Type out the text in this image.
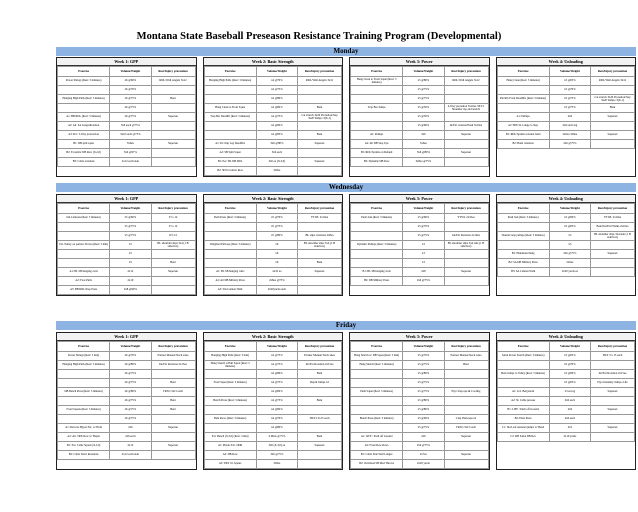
Montana State Baseball Preseason Resistance Training Program (Developmental)
Monday
Week 1: GPP
Exercise	Volume/Weight	Rest/Injury prevention
Power Shrugs (Rest: 3 minutes)	x6 @60%	RDL/Wall Angels 3x12
	x6 @70%	
Hanging High Pulls (Rest: 3 minutes)	x6 @75%	Bent
	x6 @75%	
A1: BB RDL (Rest: 3 minutes)	x6 @75%	Superset
A2: Alt. SA Lungs/Rotation	3x6 each @75%	
A3: Pec: 3-Way protraction	3x10 each @75%	
B1: DB split squat	3x6ea	Superset
B2: Eccentric DB Row (X,2,0)	3x6 @67%	
B3: Cable rotations	2x12 each side	
Week 2: Basic Strength
Exercise	Volume/Weight	Rest/Injury prevention
Hanging High Pulls (Rest: 3 minutes)	x4 @70%	RDL/Wall Angels 3x12
	x4 @75%	
	x4 @80%	
Hang Clean to Front Squat	x4 @82%	Bent
Trap Bar Deadlift (Rest: 3 minutes)	x4 @75%	Lat stretch 3x20 Pronation/Sup 3x20 Tempo 3(X,1)
	x4 @82%	
	x4 @85%	Bent
A1: Pa Chip Leg Deadlifts	3x6 @80%	Superset
A2: SB Split Squat	3x6 each	
B1: Pec: BL DB RDL	3x6 ea (X,3,0)	Superset
B2: 3Pt Eccentric Row	3x8ea	
Week 3: Power
Exercise	Volume/Weight	Rest/Injury prevention
Hang Clean to Front Squat (Rest: 3 minutes)	x3 @80%	RDL/Wall Angels 3x12
	x3 @75%	
	x3 @75%	
Trap Bar Jumps	x3 @50%	4-Way pronation 3x10ea 3X3:1 Shoulder rap and stretch
	x3 @50%	
	x3 @60%	In/Ext rotation/Push 3x10ea
A1: Pullups	3x6	Superset
A2: Alt DB Step Ups	3x6ea	
B1: RDL/Sprints on Default	3x6 @80%	Superset
B2: Dynamic DB Row	3x8ea @75%	
Week 4: Unloading
Exercise	Volume/Weight	Rest/Injury prevention
Hang Clean (Rest: 3 minutes)	x3 @65%	RDL/Wall Angels 3x12
	x3 @70%	
Pin Rib Front Deadlifts (Rest: 3 minutes)	x3 @75%	Lat stretch 3x20 Pronation/Sup 3x20 Tempo 3(X,1)
	x3 @75%	Bent
A1: Pullups	2x6	Superset
A2 TRX SL Lunge to Step	2x6 each leg	
B1: RDL/Sprints rotation band	2x6ea 3x8ea	Superset
B2: Band rotations	2x6 @75%	
Wednesday
Week 1: GPP
Exercise	Volume/Weight	Rest/Injury prevention
DA Cannons (Rest: 3 minutes)	x5 @60%	Y to 12
	x5 @75%	Y to 12
	x5 @75%	W's 12
Ext. Palloy on partner 3x12ea (Rest: 3 min)	x5	BL shoulder slips 3x4 (1 B side/box)
	x5	
	x5	Bent
A1: BL SB hanging curls	2x12	Superset
A2: Face Pulls	2x10	
A3: BB RDL/Step Press	2x8 @60%	
Week 2: Basic Strength
Exercise	Volume/Weight	Rest/Injury prevention
Push Press (Rest: 3 minutes)	x5 @70%	YTWL 2x10ea
	x5 @75%	
	x5 @80%	BL slips rotations 2x8ea
Weighted Pull-ups (Rest: 3 minutes)	x6	BL shoulder slips 3x4 (1 B side/box)
	x6	
	x6	Bent
A1: BL SB hanging curls	2x10 ea	Superset
A2: Alt DB Military Press	2x8ea @75%	
A3: DA Cannon Walk	2x20yards each	
Week 3: Power
Exercise	Volume/Weight	Rest/Injury prevention
Push Jerk (Rest: 3 minutes)	x3 @60%	YTWL 2x10ea
	x3 @70%	
	x3 @75%	Int/Ext Rotation 2x10ea
Dynamic Pullups (Rest: 3 minutes)	x3	BL shoulder slips 3x4 side (1 B side/box)
	x3	
	x3	
B1: BL SB hanging curls	2x8	Superset
B2: DB Military Press	2x6 @75%	
Week 4: Unloading
Exercise	Volume/Weight	Rest/Injury prevention
Push Jerk (Rest: 3 minutes)	x3 @60%	YTWL 2x10ea
	x3 @65%	Band Int/Ext/Walks 2x10ea
Neutral Grip pullups (Rest: 3 minutes)	x3	BL shoulder slips 3x4 side (1 B side/box)
	x3	
B1: Handstand hang	2x6 @75%	Superset
B2: SA DB Military Press	2x6ea	
B3: SA Cannon Walk	2x20 yards ea	
Friday
Week 1: GPP
Exercise	Volume/Weight	Rest/Injury prevention
Power Shrugs (Rest: 3 min)	x6 @70%	Partner Manual Neck x4ea
Hanging High Pulls (Rest: 3 minutes)	x6 @80%	Int/Ext Rotation 2x15ea
	x6 @75%	
	x6 @75%	Bent
DB Bench Press (Rest: 3 minutes)	x6 @80%	TRX's 3x15 each
	x6 @75%	Bent
Front Squats (Rest: 3 minutes)	x6 @75%	Bent
	x6 @75%	
A1: Reverse Hyper Ext. w/ Hold	2x6	Superset
A2: Alt. TRX Row w/ Hoptn	2x6 each	
B1: Ext. Cable Squats (X,3,0)	2x12	Superset
B2: Cable Static Rotations	2x12 each side	
Week 2: Basic Strength
Exercise	Volume/Weight	Rest/Injury prevention
Hanging High Pulls (Rest: 3 min)	x4 @75%	Partner Manual Neck x4ea
Hang Snatch w/Pull Squat (Rest: 3 minutes)	x4 @75%	Int/Ext Rotation 2x15ea
	x4 @80%	Bent
Front Squat (Rest: 3 minutes)	x4 @75%	Depth Jumps x2
	x4 @82%	
Bench Press (Rest: 3 minutes)	x4 @75%	Bent
	x4 @82%	
Bent Rows (Rest: 3 minutes)	x4 @70%	TRX's 3x15 each
	x4 @80%	
Ext. Bench (X,3,0) (Rest: 3 min)	4 Mins @75%	Bent
A1: Pistols Ext. ODR	3x6 (X,3,0) ea	Superset
A2: DB Row	3x6 @75%	
A3: TRX SL Squats	3x8ea	
Week 3: Power
Exercise	Volume/Weight	Rest/Injury prevention
Hang Snatch w/ DB Squat (Rest: 3 min)	x3 @70%	Partner Manual Neck x4ea
Hang Snatch (Rest: 3 minutes)	x3 @75%	Bent
	x3 @80%	
	x3 @75%	
Push Squat (Rest: 3 minutes)	x3 @75%	Plyo Step ups & Cooling
	x3 @80%	
	x3 @80%	
Bench Press (Rest: 3 minutes)	x3 @60%	Clap Push-ups x2
	x3 @75%	TRX's 3x15 each
A1: LIFE / Push off Ground	2x6	Superset
A2: Front Row Rows	2x6 @75%	
B1: Cable Side Wall Lunges	2x7ea	Superset
B2: Overhead SB Med Throws	2x20 yards	
Week 4: Unloading
Exercise	Volume/Weight	Rest/Injury prevention
SAIA Power Snatch (Rest: 3 minutes)	x3 @65%	TRX 3 x 15 each
	x3 @70%	
Bent Jumps to Valley (Rest: 3 minutes)	x3 @60%	Int/Ext Rotation 2x15ea
	x3 @65%	Plyo Intensity Jumps 2-6x
A1: A.S. Bergstrom	x3 ea leg	Superset
A2: SL Cable presses	2x6 each	
B1: LIFE / Push off Ground	2x6	Superset
B2: Plate Press	2x6 each	
C1: Ski Leaf Assisted jumps w/ Band	2x5	Superset
C2: DB SAIA DB Rev	2x10 yards	
